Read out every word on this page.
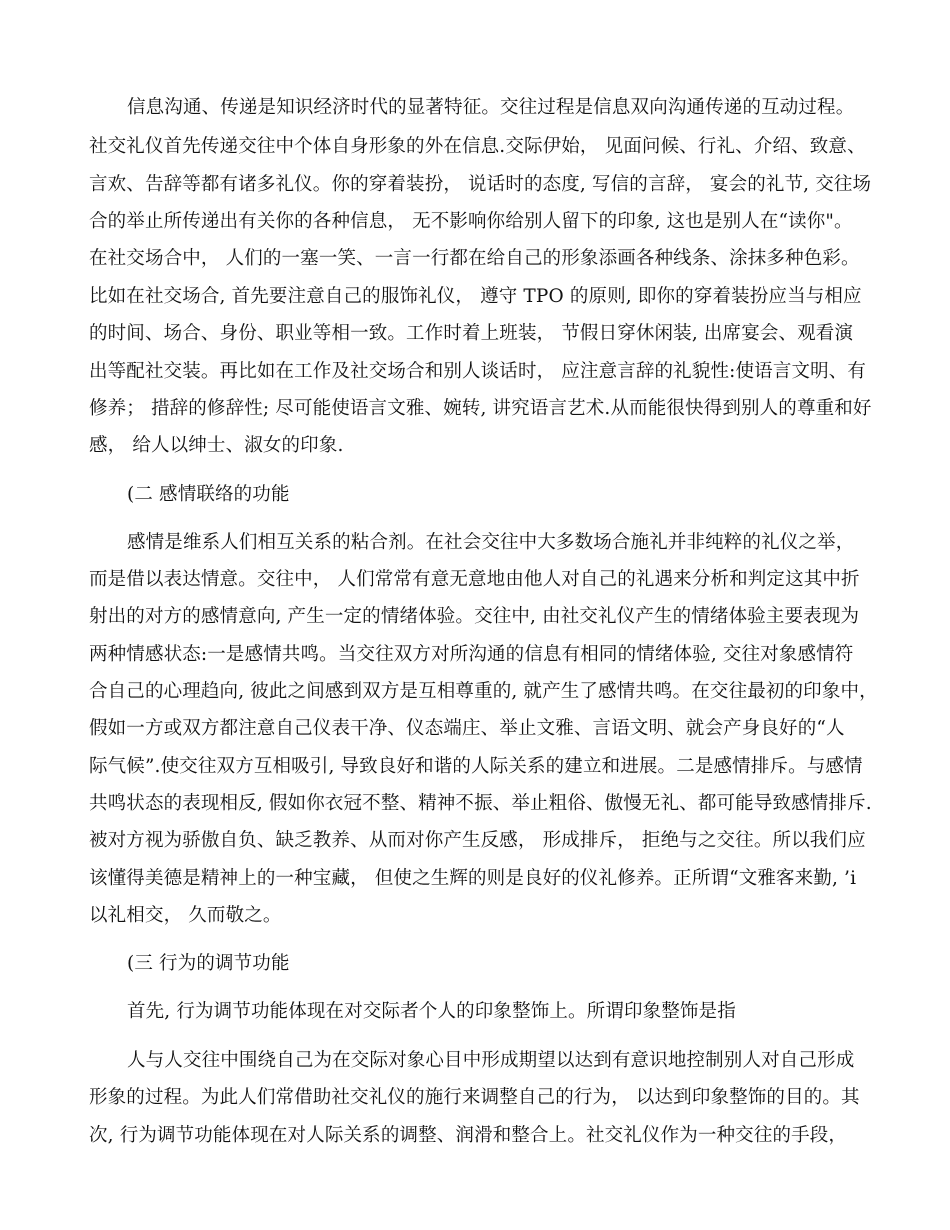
信息沟通、传递是知识经济时代的显著特征。交往过程是信息双向沟通传递的互动过程。
社交礼仪首先传递交往中个体自身形象的外在信息.交际伊始， 见面问候、行礼、介绍、致意、
言欢、告辞等都有诸多礼仪。你的穿着装扮， 说话时的态度, 写信的言辞， 宴会的礼节, 交往场
合的举止所传递出有关你的各种信息， 无不影响你给别人留下的印象, 这也是别人在“读你"。
在社交场合中， 人们的一塞一笑、一言一行都在给自己的形象添画各种线条、涂抹多种色彩。
比如在社交场合, 首先要注意自己的服饰礼仪， 遵守 TPO 的原则, 即你的穿着装扮应当与相应
的时间、场合、身份、职业等相一致。工作时着上班装， 节假日穿休闲装, 出席宴会、观看演
出等配社交装。再比如在工作及社交场合和别人谈话时， 应注意言辞的礼貌性:使语言文明、有
修养； 措辞的修辞性; 尽可能使语言文雅、婉转, 讲究语言艺术.从而能很快得到别人的尊重和好
感， 给人以绅士、淑女的印象.
(二 感情联络的功能
感情是维系人们相互关系的粘合剂。在社会交往中大多数场合施礼并非纯粹的礼仪之举，
而是借以表达情意。交往中， 人们常常有意无意地由他人对自己的礼遇来分析和判定这其中折
射出的对方的感情意向, 产生一定的情绪体验。交往中, 由社交礼仪产生的情绪体验主要表现为
两种情感状态:一是感情共鸣。当交往双方对所沟通的信息有相同的情绪体验, 交往对象感情符
合自己的心理趋向, 彼此之间感到双方是互相尊重的, 就产生了感情共鸣。在交往最初的印象中，
假如一方或双方都注意自己仪表干净、仪态端庄、举止文雅、言语文明、就会产身良好的“人
际气候”.使交往双方互相吸引, 导致良好和谐的人际关系的建立和进展。二是感情排斥。与感情
共鸣状态的表现相反, 假如你衣冠不整、精神不振、举止粗俗、傲慢无礼、都可能导致感情排斥.
被对方视为骄傲自负、缺乏教养、从而对你产生反感， 形成排斥， 拒绝与之交往。所以我们应
该懂得美德是精神上的一种宝藏， 但使之生辉的则是良好的仪礼修养。正所谓“文雅客来勤, ’i
以礼相交， 久而敬之。
(三 行为的调节功能
首先, 行为调节功能体现在对交际者个人的印象整饰上。所谓印象整饰是指
人与人交往中围绕自己为在交际对象心目中形成期望以达到有意识地控制别人对自己形成
形象的过程。为此人们常借助社交礼仪的施行来调整自己的行为， 以达到印象整饰的目的。其
次, 行为调节功能体现在对人际关系的调整、润滑和整合上。社交礼仪作为一种交往的手段，
